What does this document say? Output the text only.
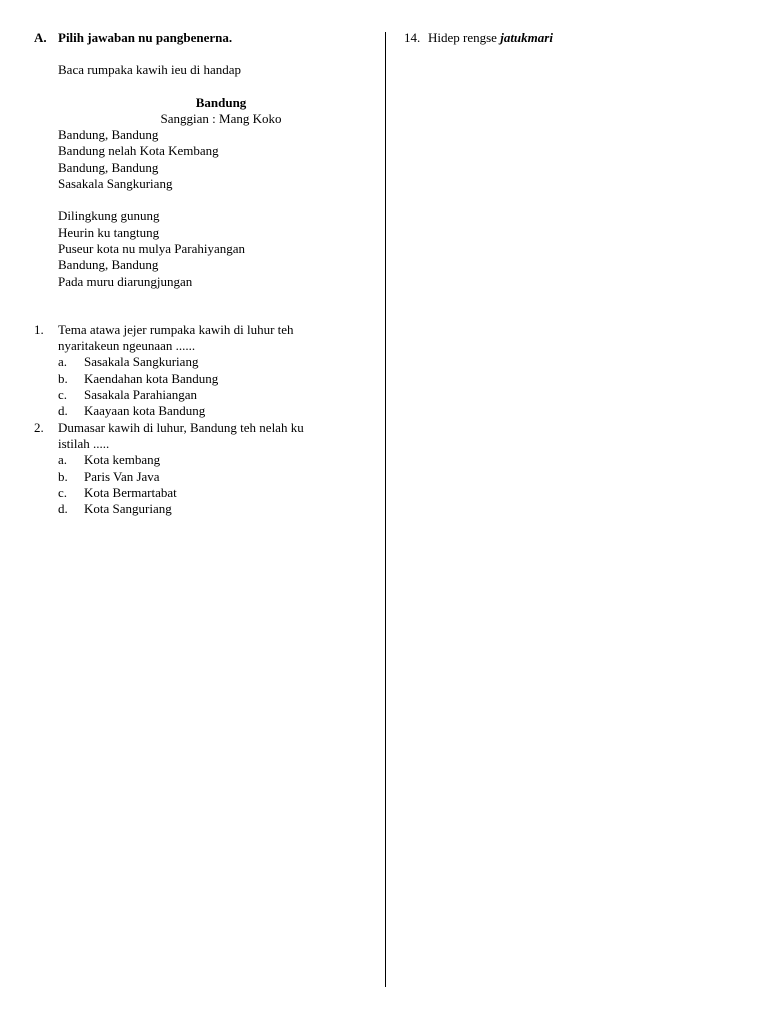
A. Pilih jawaban nu pangbenerna.
Baca rumpaka kawih ieu di handap
Bandung
Sanggian : Mang Koko
Bandung, Bandung
Bandung nelah Kota Kembang
Bandung, Bandung
Sasakala Sangkuriang
Dilingkung gunung
Heurin ku tangtung
Puseur kota nu mulya Parahiyangan
Bandung, Bandung
Pada muru diarungjungan
1. Tema atawa jejer rumpaka kawih di luhur teh
nyaritakeun ngeunaan ......
a. Sasakala Sangkuriang
b. Kaendahan kota Bandung
c. Sasakala Parahiangan
d. Kaayaan kota Bandung
2. Dumasar kawih di luhur, Bandung teh nelah ku
istilah .....
a. Kota kembang
b. Paris Van Java
c. Kota Bermartabat
d. Kota Sanguriang
14. Hidep rengse jatukmari
